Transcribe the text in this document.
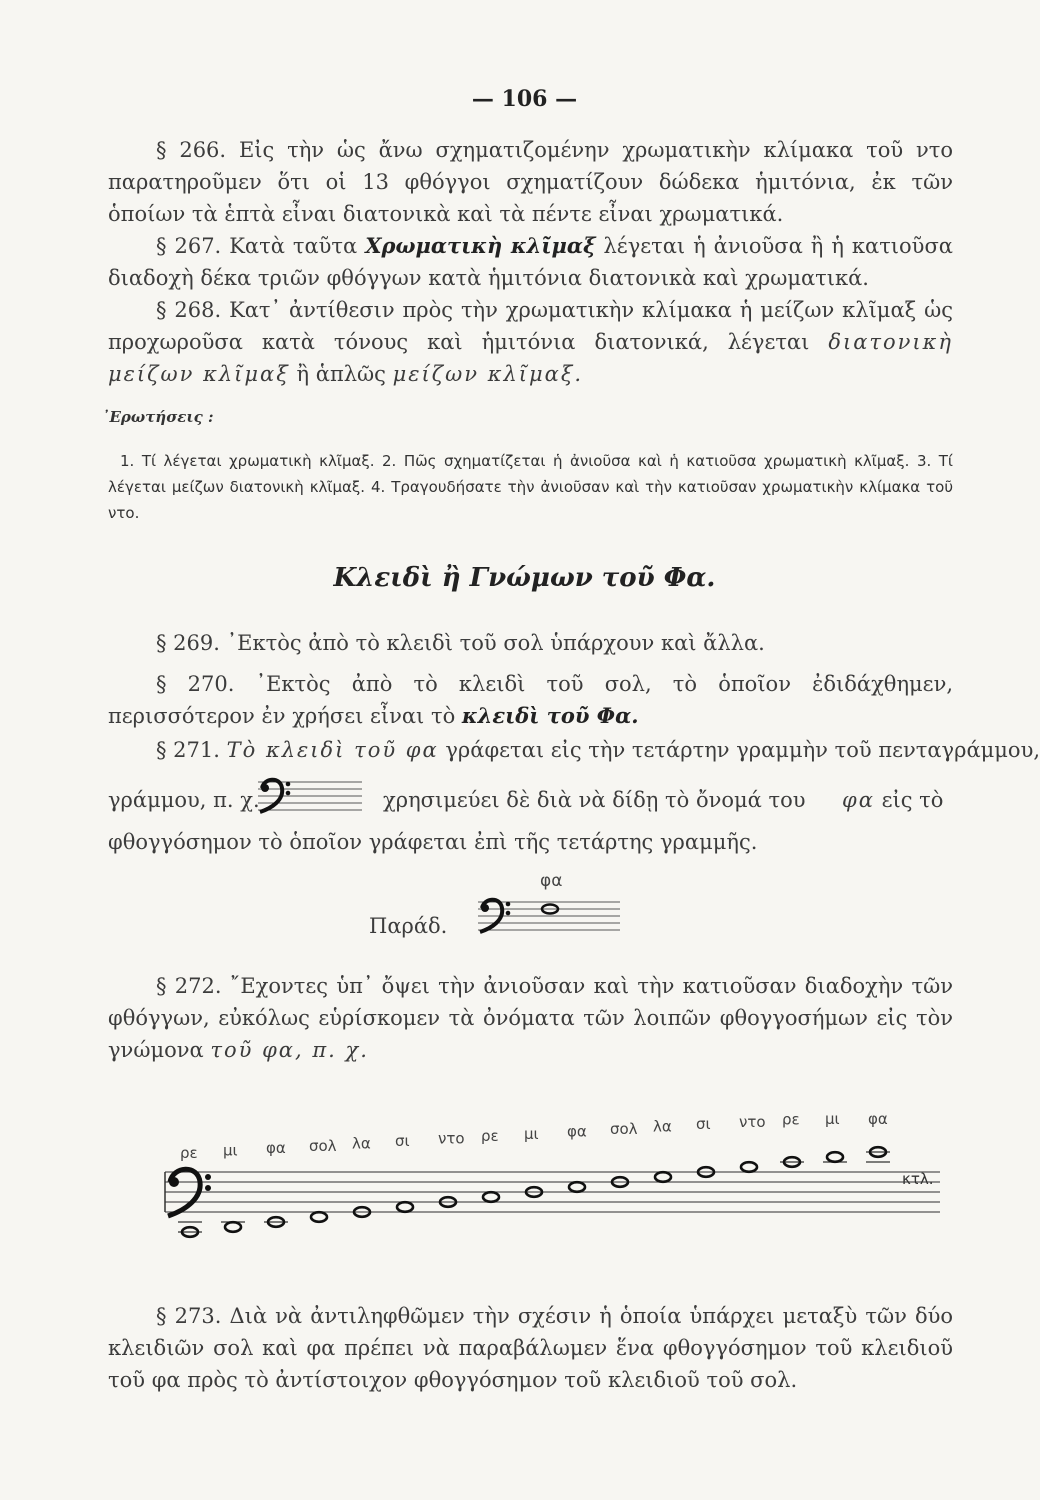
— 106 —
§ 266. Εἰς τὴν ὡς ἄνω σχηματιζομένην χρωματικὴν κλίμακα τοῦ ντο παρατηροῦμεν ὅτι οἱ 13 φθόγγοι σχηματίζουν δώδεκα ἡμιτόνια, ἐκ τῶν ὁποίων τὰ ἑπτὰ εἶναι διατονικὰ καὶ τὰ πέντε εἶναι χρωματικά.
§ 267. Κατὰ ταῦτα Χρωματικὴ κλῖμαξ λέγεται ἡ ἀνιοῦσα ἢ ἡ κατιοῦσα διαδοχὴ δέκα τριῶν φθόγγων κατὰ ἡμιτόνια διατονικὰ καὶ χρωματικά.
§ 268. Κατ᾽ ἀντίθεσιν πρὸς τὴν χρωματικὴν κλίμακα ἡ μείζων κλῖμαξ ὡς προχωροῦσα κατὰ τόνους καὶ ἡμιτόνια διατονικά, λέγεται διατονικὴ μείζων κλῖμαξ ἢ ἁπλῶς μείζων κλῖμαξ.
᾽Ερωτήσεις :
1. Τί λέγεται χρωματικὴ κλῖμαξ. 2. Πῶς σχηματίζεται ἡ ἀνιοῦσα καὶ ἡ κατιοῦσα χρωματικὴ κλῖμαξ. 3. Τί λέγεται μείζων διατονικὴ κλῖμαξ. 4. Τραγουδήσατε τὴν ἀνιοῦσαν καὶ τὴν κατιοῦσαν χρωματικὴν κλίμακα τοῦ ντο.
Κλειδὶ ἢ Γνώμων τοῦ Φα.
§ 269. ᾽Εκτὸς ἀπὸ τὸ κλειδὶ τοῦ σολ ὑπάρχουν καὶ ἄλλα.
§ 270. ᾽Εκτὸς ἀπὸ τὸ κλειδὶ τοῦ σολ, τὸ ὁποῖον ἐδιδάχθημεν, περισσότερον ἐν χρήσει εἶναι τὸ κλειδὶ τοῦ Φα.
§ 271. Τὸ κλειδὶ τοῦ φα γράφεται εἰς τὴν τετάρτην γραμμὴν τοῦ πενταγράμμου,
γράμμου, π. χ.	χρησιμεύει δὲ διὰ νὰ δίδῃ τὸ ὄνομά του φα εἰς τὸ
φθογγόσημον τὸ ὁποῖον γράφεται ἐπὶ τῆς τετάρτης γραμμῆς.
Παράδ.
φα
§ 272. ῎Εχοντες ὑπ᾽ ὄψει τὴν ἀνιοῦσαν καὶ τὴν κατιοῦσαν διαδοχὴν τῶν φθόγγων, εὐκόλως εὑρίσκομεν τὰ ὀνόματα τῶν λοιπῶν φθογγοσήμων εἰς τὸν γνώμονα τοῦ φα, π. χ.
ρε μι φα σολ λα σι ντο ρε μι φα σολ λα σι ντο ρε μι φα
κτλ.
§ 273. Διὰ νὰ ἀντιληφθῶμεν τὴν σχέσιν ἡ ὁποία ὑπάρχει μεταξὺ τῶν δύο κλειδιῶν σολ καὶ φα πρέπει νὰ παραβάλωμεν ἕνα φθογγόσημον τοῦ κλειδιοῦ τοῦ φα πρὸς τὸ ἀντίστοιχον φθογγόσημον τοῦ κλειδιοῦ τοῦ σολ.
